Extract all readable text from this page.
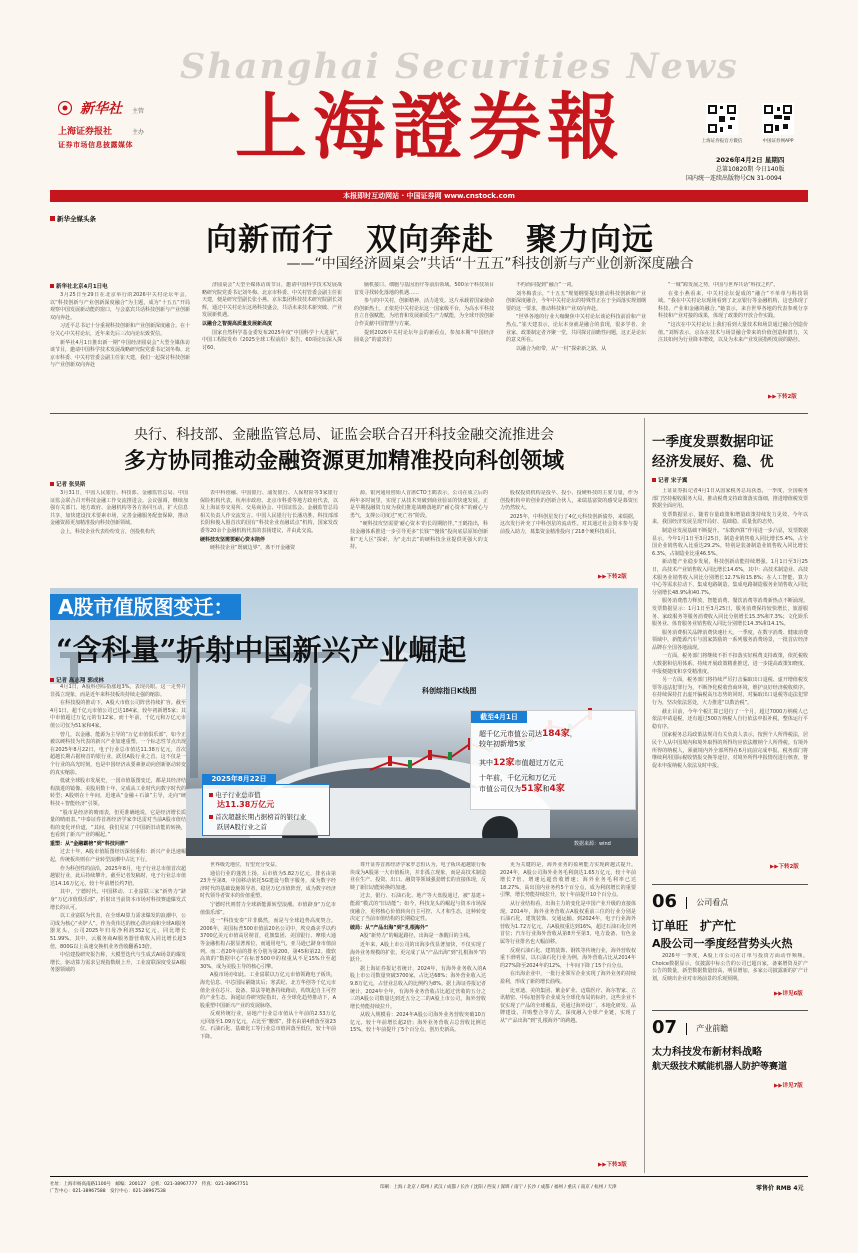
Shanghai Securities News
新华社 主管
上海证券报社	主办
证券市场信息披露媒体	上海證券報	上海证券报官方微信	中国证券网APP
2026年4月2日 星期四
总第10820期 今日140版
国内统一连续出版物号CN 31-0094
本报即时互动网站 · 中国证券网 www.cnstock.com
新华全媒头条
向新而行　双向奔赴　聚力向远
——“中国经济圆桌会”共话“十五五”科技创新与产业创新深度融合
新华社北京4月1日电

3月25日至29日在北京举行的2026中关村论坛年会，以“科技创新与产业创新深度融合”为主题，成为“十五五”开局观察中国发展新动能的窗口，与会嘉宾共话科技创新与产业创新双向奔赴。

习近平总书记十分重视科技创新和产业创新深度融合。在十分关心中关村论坛，近年来先后三次向论坛致贺信。

新华社4月1日推出新一期“中国经济圆桌会”大型全媒体访谈节目，邀请中国科学技术发展战略研究院党委书记刘冬梅、北京市科委、中关村管委会副主任崔天建，我们一起探讨科技创新与产业创新双向奔赴

济圆桌会”大型全媒体访谈节目，邀请中国科学技术发展战略研究院党委书记刘冬梅、北京市科委、中关村管委会副主任崔天建，便是研究型副长张小燕、京东集团科技技术研究院副长刘辉，通过中关村论坛这场科技盛会，共话未来技术新突破、产业发展新机遇。

以融合之智提高质量发展新高度

国家自然科学基金委发布2025年度“中国科学十大进展”，中国工程院发布《2025全球工程前沿》报告，60项论坛深入探讨60、

脑机接口、细胞与基因治疗等前沿领域。500余个科技项目首发寻找转化落地的机遇……

参与的中关村，创新精神、活力进发。这片承载着国家使命的创新热土，正依托中关村论坛这一国家级平台，为高水平科技自立自强赋能，为培育和发展新质生产力赋能，为全球开放创新合作贡献中国智慧与方案。

提到2026中关村论坛年会的新看点，参加本期“中国经济圆桌会”的嘉宾们

不约而同提到“融合”一词。

刘冬梅表示，“十五五”规划纲要提出推动科技创新和产业创新深度融合，今年中关村论坛的特殊性正在于全面落实规划纲要的这一要求，推动科技和产业双向奔赴。

“世界各地的行业大咖聚焦中关村论坛谈论科技前沿和产业热点。”崔天建表示，论坛本身就是融合的表现，很多学者、企业家、政策制定者齐聚一堂，共同探讨前瞻性问题，这正是论坛的意义所在。

以融合为纽带，从“一村”探索新之路，从

“一城”蹚发展之势，中国与世界共话“科技之约”。

在张小燕看来，中关村论坛促成的“融合”不单单与科技领域。“我在中关村论坛现场看到了北京银行等金融机构，这也体现了科技、产业和金融的融合。”她表示，来自世界各地的代表参观分享科技和产业对接的成果，体现了政策的开放合作实践。

“这次在中关村论坛上我们看到大量技术和场景通过融合创造价值。”刘辉表示，京东在技术与场景融合带来的价值创造和潜力，关注其如何为行业降本增效，以及为未来产业发展指明发展的路径。

▶▶下转2版
央行、科技部、金融监管总局、证监会联合召开科技金融交流推进会
多方协同推动金融资源更加精准投向科创领域
记者 张昊斯

3月31日，中国人民银行、科技部、金融监管总局、中国证监会联合召开科技金融工作交流推进会。会议强调，继续加强有关部门、地方政府、金融机构等各方协同互动，扩大信息共享，加快建设技术要素市场，完善金融服务配套保障，推动金融资源更加精准投向科技创新领域。

会上，科技企业代表纷纷发言，创投机构代

表中科创融、中国银行、浦发银行、人保财险等3家银行保险机构代表，杭州市政府、北京市科委等地方政府代表，以及上海证券交易所、交易商协会、中国证监会、金融监管总局相关负责人作交流发言。中国人民银行行长潘功胜、科技部部长阴和俊入围首次的国有“科技企业直融试点”机构，国家发改委等20余个金融机构代表的表扬建议，并由此交流。

硬科技攻坚需要耐心资本陪伴

硬科技企业“既破边界”，离不开金融资

源。银河通用创始人首席CTO王鹤表示，公司在成立后的两年多时间里，实现了从技术突破到商业验证的快速发展。正是早期投融资力度为我们推进战略落地的“耐心资本”的耐心与勇气，支撑公司度过“死亡谷”阶段。

“硬科技攻坚需要‘耐心资本’的长周期陪伴。”王鹤指出，科技金融体系推进一步引导更多“长钱”“慢钱”投向底层原始创新和“无人区”探索，为“走出去”的硬科技企业提供更强大的支持。

股权投资机构是投早、投小、投硬科技的主要力量，作为创投机构中的创业的创新合伙人，来瑞基富资的感受是募资压力仍然较大。

2025年，中科创星发行了4亿元科技创新债券，来瑞据，这次发行补充了中科创星的流动性。对其通过社会资本参与提前投入助力，募集资金精准投向了218个硬科技项目。

▶▶下转2版
A股市值版图变迁：
“含科量”折射中国新兴产业崛起
记者 高志翔 郭成林
科创综指日K线图
2025年8月22日
电子行业总市值
达11.38万亿元
首次超越长期占据榜首的银行业
跃居A股行业之首
截至4月1日
超千亿元市值公司达184家，
较年初新增5家
其中12家市值超过万亿元
十年前，千亿元和万亿元
市值公司仅为51家和4家
数据来源：wind

4月1日，A股科创综指涨超3%，表现亮眼。这一走势并非孤立现象，而是近年来科技板块持续走强的缩影。

在科技股的推动下，A股大市值公司阵营持续扩容。截至4月1日，超千亿元市值公司已达184家，较年初新增5家；其中市值超过万亿元的有12家。而十年前，千亿元和万亿元市值公司仅为51家和4家。

曾几，以金融、能源为主导的“万亿市值俱乐部”，如今正被以硬科技为代表的新兴产业加速重塑。一个标志性节点出现在2025年8月22日，电子行业总市值达11.38万亿元，首次超越长期占据榜首的银行业，跃居A股行业之首。这不仅是一个行业的高光时刻，也是中国经济从要素驱动向创新驱动转变的真实缩影。

低就全球股市发展史，一国市值版图变迁，都是其经济结构演进的镜像。美股用数十年，完成从工业时代向数字时代的转型；A股则在十年间，迅速从“金融＋石油”主导，走向“硬科技＋智能经济”引领。

“股市是经济的晴雨表，但更准确地说，它是经济增长质量的晴雨表。”中泰证券首席经济学家李迅雷对当前A股市值结构的变化评价道，“其间，我们见证了中国新旧动能的转换，也看到了新兴产业的崛起。”

重塑：从“金融霸榜”到“科技问鼎”

过去十年，A股市值版图经历深刻重构：新兴产业迅速崛起，传统板块则在产业转型浪潮中占比下行。

作为科创性的前沿，2025年8月，电子行业总市值首次超越银行业，此后持续攀升。截至记者发稿时，电子行业总市值达14.16万亿元，较十年前增长约7倍。

其中，宁德时代、中国移动、工业富联三家“新势力”跻身“万亿市值俱乐部”，折射出当前资本市场对科技赛道爆发式增长的认可。

以工业富联为代表，在全球AI算力需求爆发的浪潮中，公司成为核心“卖铲人”。作为英伟达的核心供应商和全球AI服务器龙头，公司2025年归母净利润352亿元，同比增长51.99%。其中，云服务商AI服务器营收收入同比增长超3倍，800G以上高速交换机业务营收翻番13倍。

中信建投研究报告称，大模型迭代与生成式AI场景的爆发增长，驱动算力需求呈现指数级上升，工业富联深度受益AI服务器领域的

世界级先地位，有望充分受益。

通信行业的蓬勃上扬，后市值为5.82万亿元，排名由第23升至第8。中国移动依托5G建设与数字服务，成为数字经济时代的基础设施领导者，稳居万亿市值阵营，成为数字经济时代领导者资本的价值重塑。

宁德时代则替力全球新能源转型浪潮。市值跻身“万亿市值俱乐部”。

这一“科技变奏”并非偶然，而是与全球趋势高度契合。2006年，美国标普500市值前20名公司中，埃克森美孚以约3700亿美元市值高居榜首，花旗集团、美国银行、摩根大通等金融机构占据显著席位，而通用电气、亚马逊已跻身市值前列。而二者20年前的排名分别为第200、第45和第22。微软高效的“数据中心”在标普500中的权重从不足15%升至超30%，成为美股主导的核心引擎。

A股市场亦如此。工业富联以万亿元市值领跑电子板块，海光信息、中芯国际紧随其后；寒武纪、北方华创等千亿元市值企业在芯片、设备、算法等链条持续跑动，构筑起自主可控的产业生态。海通证券研究院指出，在全球化趋势推动下，A股重塑中国新兴产业的发展脉络。

反观传统行业，房地产行业总市值从十年前的2.53万亿元回落至1.09万亿元，占比至“腰部”，排名由第4滑落至第23位。石油石化、基础化工等行业总市值回落至低位，较十年前下降。

尊开证券首席经济学家罗志恒认为，电子板块超越银行板块成为A股第一大市值板块，并非孤立现象，而是高技术制造业在生产、投资、出口、融资等领域强劲增长的直接体现，反映了新旧动能转换的加速。

过去，银行、石油石化、地产等大盘股通过，被“基建＋能源”模式的“旧动能”；如今，科技龙头的崛起与资本市场深度融合，更将核心价值转向自主可控、人才和生态，这种转变决定了当前市值结构的长期稳定性。

破局：从“产品出海”到“扎根海外”

A股“新势力”的崛起路径，出海是一条醒目的主线。

近年来，A股上市公司的出海步伐显著加快，不仅实现了海外业务规模的扩张，更完成了从“产品出海”到“扎根海外”的跃升。

据上海证券报记者统计，2024年，有海外业务收入的A股上市公司数量突破3700家，占比达68%；海外营业收入达9.8万亿元，占营业总收入的比例约为8%。据上海证券报记者统计，2024年全年，有海外业务营收占比超过营收的五分之三的A股公司数量达到近五分之二的A股上市公司，海外营收增长势能持续拉升。

从收入规模看：2024年A股公司海外业务营收突破10万亿元，较十年前增长超2倍；海外业务营收占总营收比例达15%，较十年前提升了5个百分点，创历史新高。

更为关键的是，海外业务的盈利能力实现跨越式提升。2024年，A股公司海外业务毛利润达1.65万亿元，较十年前增长7倍，增速远超营收增速；海外业务毛利率已达18.27%，高出国内业务约5个百分点，成为利润增长的重要引擎，增长势能持续拉升，较十年前提升10个百分点。

从行业结构看，出海主力的变化是中国产业升级的直接体现。2014年，海外业务营收占A股权重前三位的行业分别是石油石化、建筑装饰、交通运输。到2024年，电子行业海外营收为1.72万亿元，占A股权重达到16%，超过石油石化位列首位；汽车行业海外营收从第8升至第3，电力设备、有色金属等行业排名也大幅前移。

反观石油石化、建筑装饰、钢铁等传统行业，海外营收权重下滑明显，以石油石化行业为例，海外营收占比从2014年的27%降至2024年的12%，十年间下降了15个百分点。

在出海企业中，一批行业领军企业实现了海外业务的持续盈利，形成了新的增长曲线。

比亚迪、美的集团、紫金矿业、迈瑞医疗、海尔智家、立讯精密、中际旭创等企业成为全球化布局的标杆。这些企业不仅实现了产品的全球覆盖，更通过海外设厂、本地化研发、品牌建设、并购整合等方式，深度融入全球产业链，实现了从“产品出海”到“扎根海外”的跨越。

▶▶下转3版
一季度发票数据印证
经济发展好、稳、优
记者 宋子翼

上证证券报记者4月1日从国家税务总局获悉，一季度，全国税务部门坚持税收服务大局，推动税费支持政策落实落细，推进增值税发票数据全面应用。

发票数据显示，随着存量政策和增量政策持续发力见效，今年以来，我国经济发展呈现开局好、基础稳、质量优的态势。

制造业发展基础不断提升。“东数西算”作用进一步凸显，发票数据显示，今年1月1日至3月25日，制造业销售收入同比增长5.4%，占全国企业销售收入比重达29.2%，特别是装备制造业销售收入同比增长6.3%，占制造业比重46.5%。

新动能产业稳步发展，科技创新动能持续增强。1月1日至3月25日，高技术产业销售收入同比增长14.6%，其中：高技术制造业、高技术服务业销售收入同比分别增长12.7%和15.8%；在人工智能、算力中心等需求拉动下，集成电路制造、集成电路制造服务业销售收入同比分别增长48.9%和40.7%。

服务消费潜力释放，智能消费、餐饮消费等消费新热点不断涌现。发票数据显示：1月1日至3月25日，服务消费保持较快增长，旅游服务、家政服务等服务消费收入同比分别增长15.3%和7.3%；文化娱乐服务业、体育服务业销售收入同比分别增长14.3%和14.1%。

服务消费相关品牌消费快速壮大。一季度，在数字消费、健康消费领域中，新能源汽车与国家鼓励的一系列服务消费场景，一批首店经济品牌在全国各地涌现。

一方面，税务部门将继续不折不扣落实好税费支持政策，依托税收大数据和信用体系，持续开展政策精准推送，进一步提高政策知晓度、申报便捷度和享受精准度。

另一方面，税务部门将持续严厉打击骗取出口退税、虚开增值税发票等违法犯罪行为，不断净化税收营商环境，维护良好经济税收秩序。在持续保持打击虚开骗税高压态势的同时，对骗取出口退税等违法犯罪行为，坚决依法惩处，大力推进“以数治税”。

截止目前，今年个税汇算已进行了一个月，超过7000万纳税人已依法申请退税，还有超过500万纳税人自行依法申报补税，整体运行平稳有序。

国家税务总局政策法规司有关负责人表示，按照个人所得税法，居民个人从中国境内和境外取得的所得均应依法缴纳个人所得税。有境外所得的纳税人，须就境内外全部所得在6月底前完成申报。税务部门将继续利用国际税收情报交换等途径，对境外所得申报情况进行核查，督促未申报纳税人依法及时申报。

▶▶下转2版
06 公司看点
订单旺　扩产忙
A股公司一季度经营势头火热
2026年一季度，A股上市公司在订单与投资方面动作频频。Choice数据显示，仅披露中标公告的公司已超百家，备案增资及扩产公告的数量，新型数据数量较高，明显增加，多家公司披露新的扩产计划，反映出企业对市场前景的乐观预期。
▶▶详见6版
07 产业前瞻
太力科技发布新材料战略
航天级技术赋能机器人防护等赛道
▶▶详见7版
社址：上海市杨高南路1100号　邮编：200127　总机：021-38967777　传真：021-38967751
广告中心：021-38967588　发行中心：021-38967538
印刷：上海 / 北京 / 郑州 / 武汉 / 成都 / 长沙 / 沈阳 / 西安 / 深圳 / 南宁 / 长沙 / 成都 / 福州 / 重庆 / 南京 / 杭州 / 天津	零售价 RMB 4元
